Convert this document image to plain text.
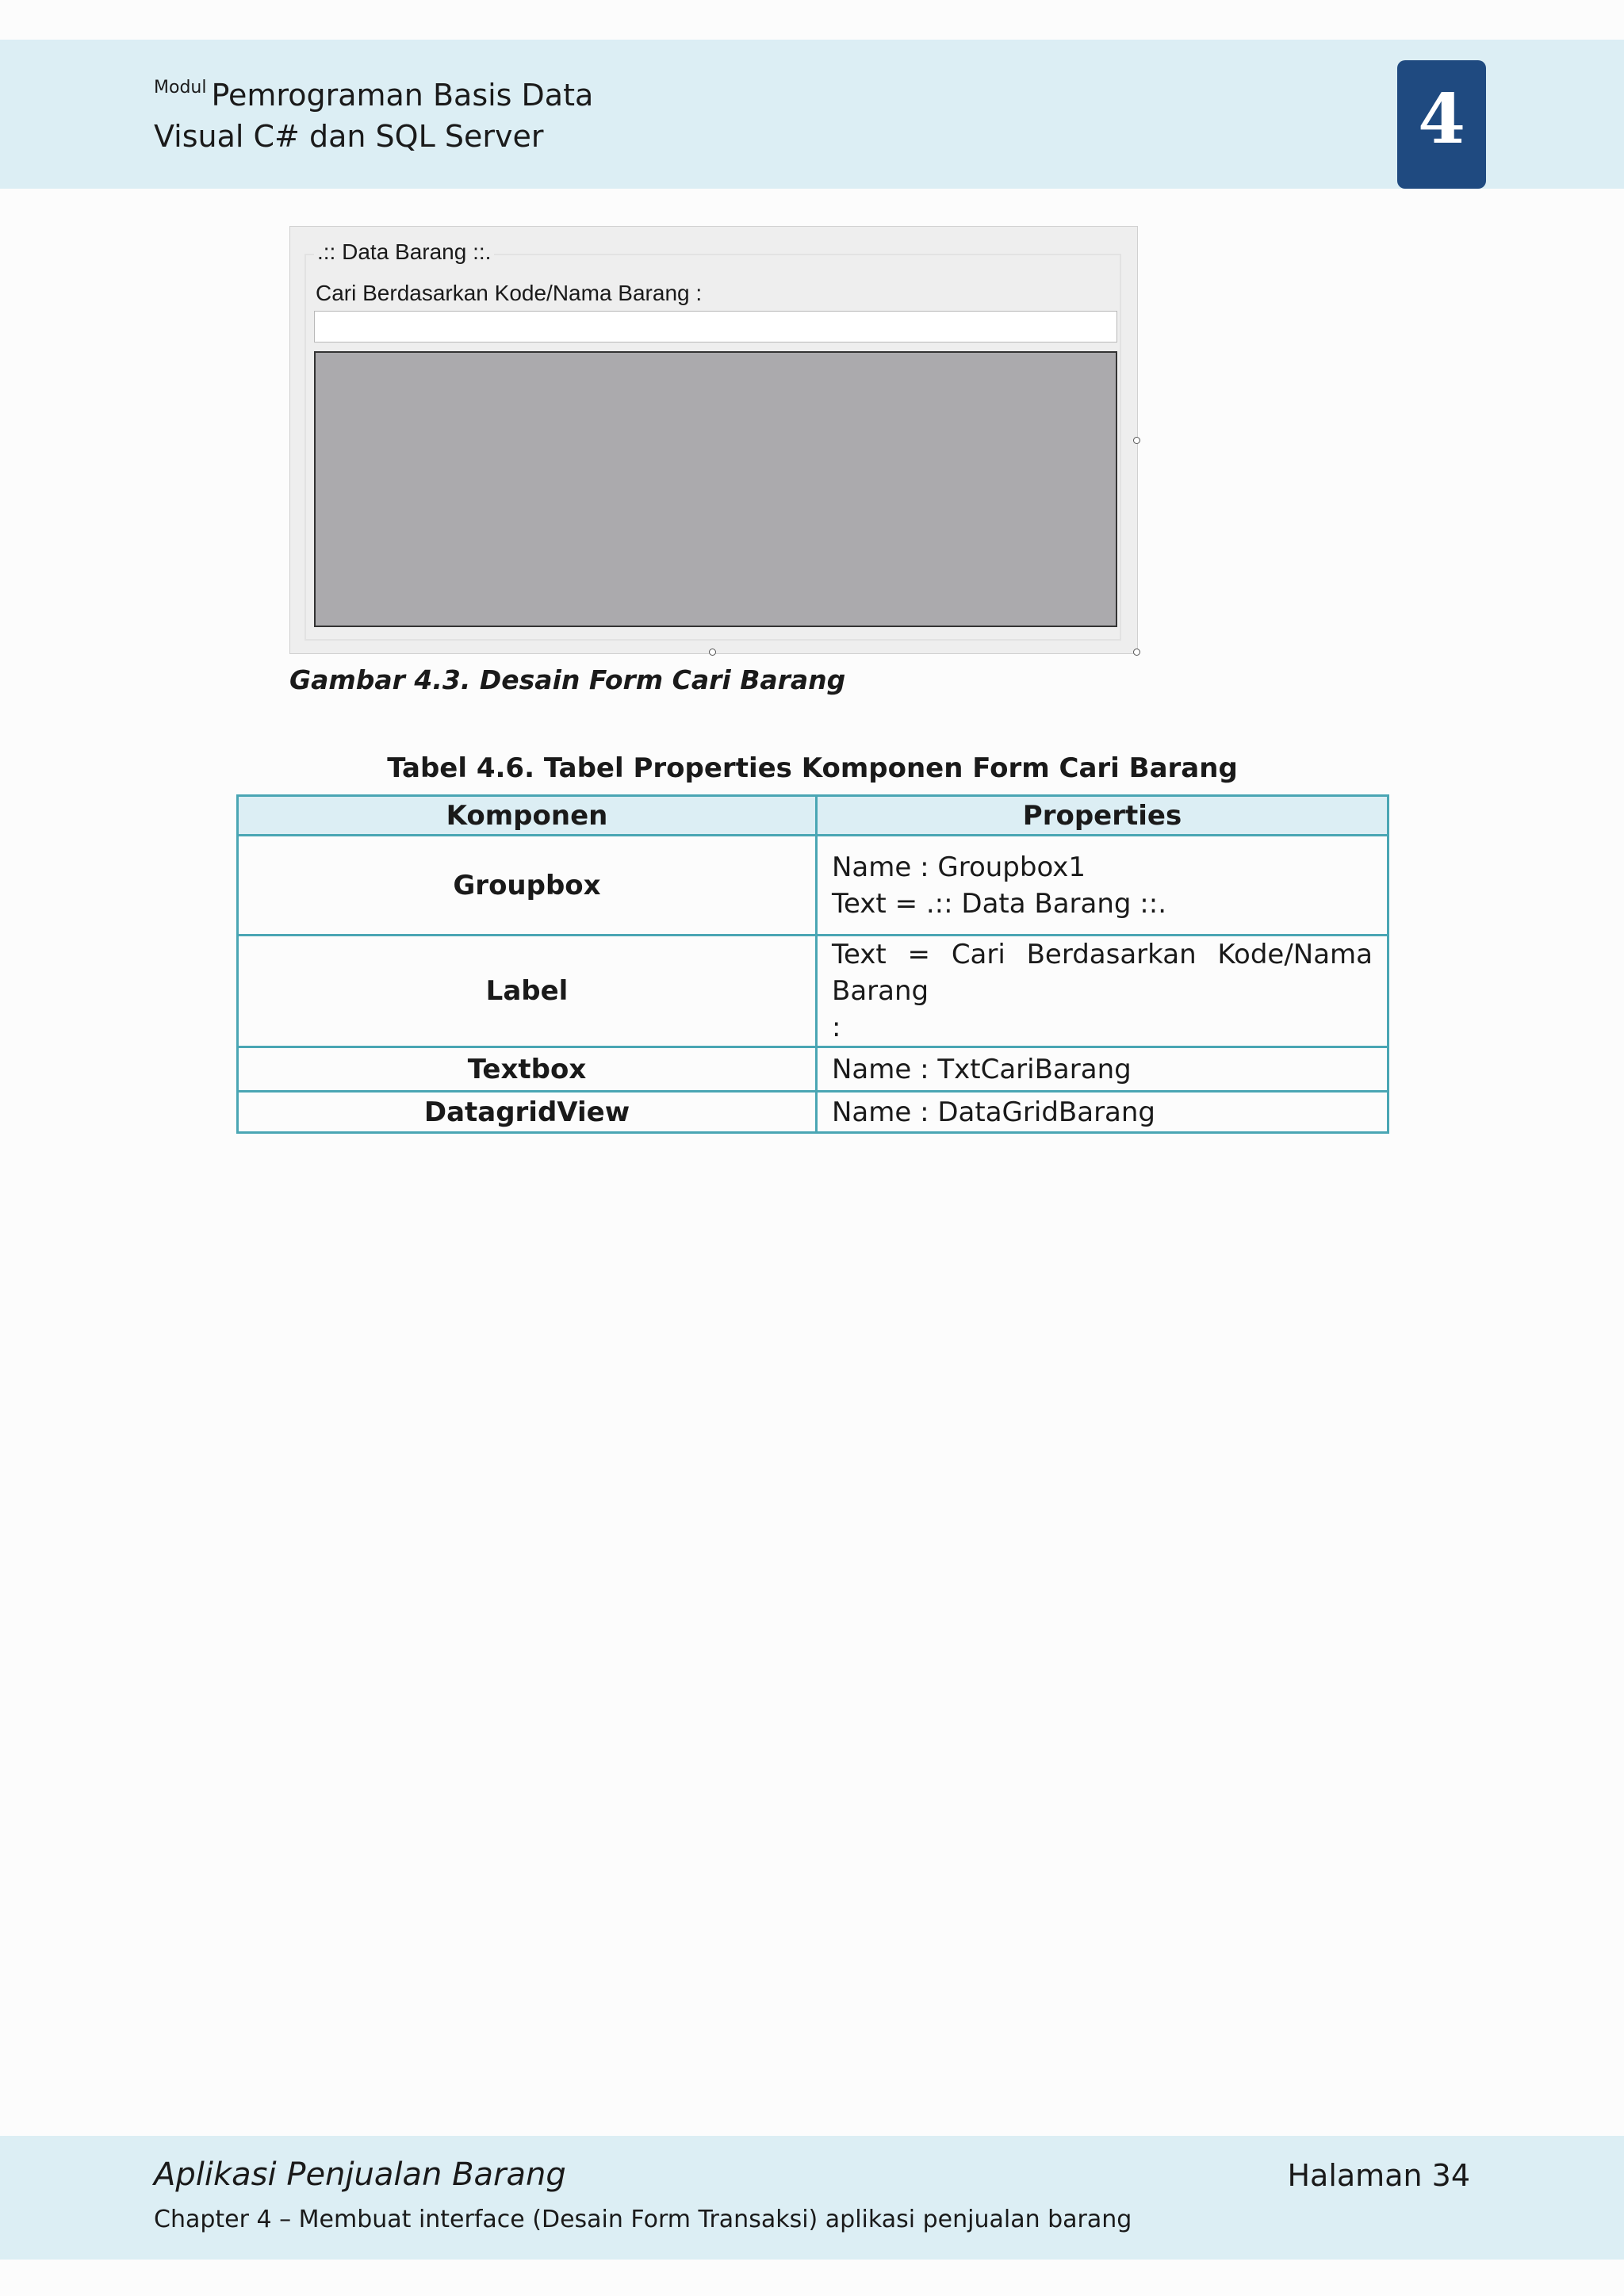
$^{Modul}$ Pemrograman Basis Data
Visual C# dan SQL Server	4
.:: Data Barang ::.
Cari Berdasarkan Kode/Nama Barang :
Gambar 4.3. Desain Form Cari Barang
Tabel 4.6. Tabel Properties Komponen Form Cari Barang
Komponen	Properties
Groupbox	Name : Groupbox1
Text = .:: Data Barang ::.

Label	Text = Cari Berdasarkan Kode/Nama Barang
:

Textbox	Name : TxtCariBarang

DatagridView	Name : DataGridBarang
Aplikasi Penjualan Barang	Halaman 34
Chapter 4 – Membuat interface (Desain Form Transaksi) aplikasi penjualan barang
